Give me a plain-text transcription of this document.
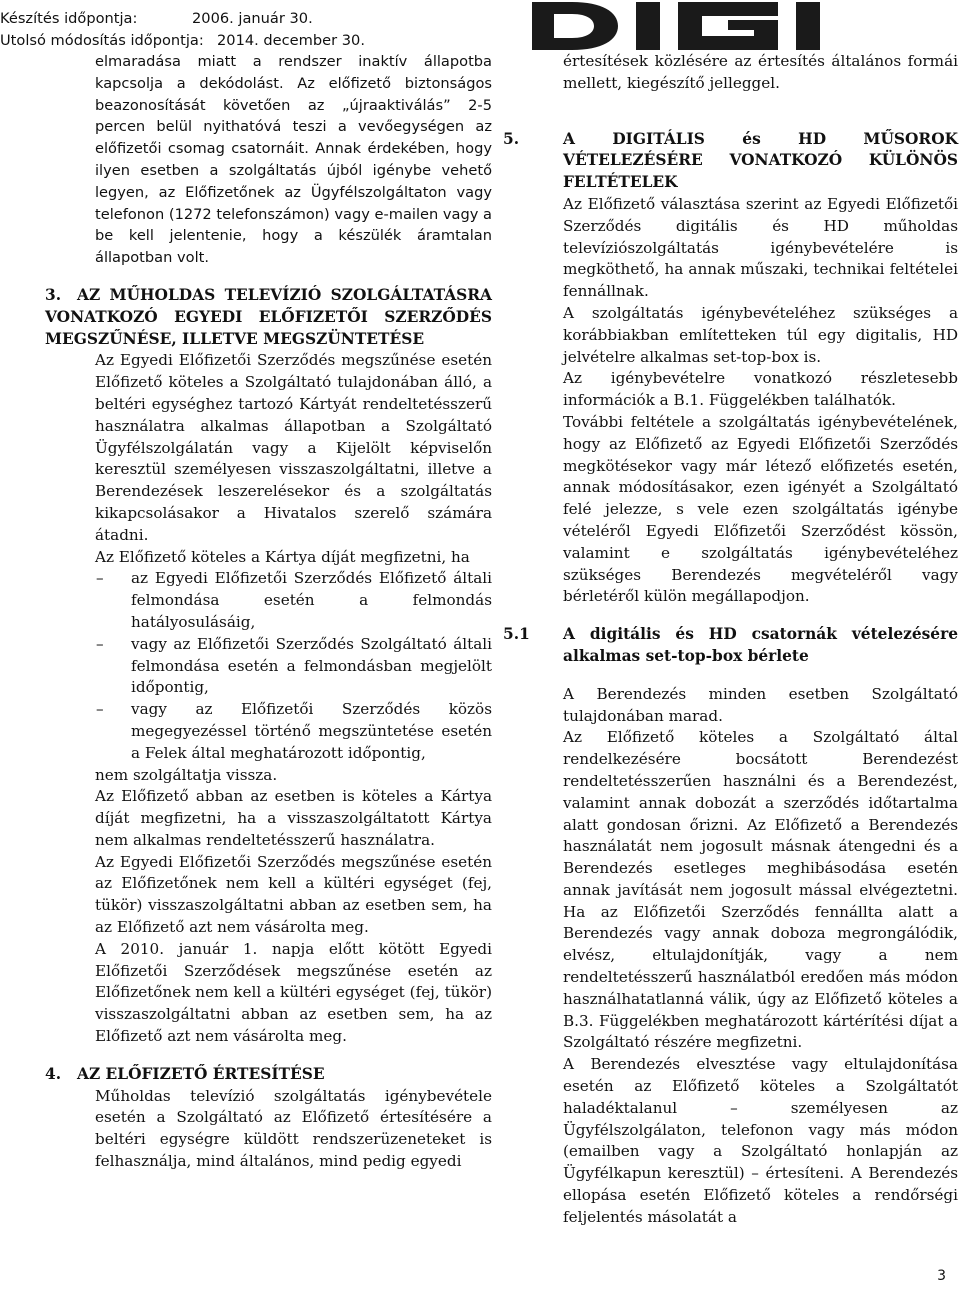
Készítés időpontja:	2006. január 30.
Utolsó módosítás időpontja: 2014. december 30.

elmaradása miatt a rendszer inaktív állapotba kapcsolja a dekódolást. Az előfizető biztonságos beazonosítását követően az „újraaktiválás” 2-5 percen belül nyithatóvá teszi a vevőegységen az előfizetői csomag csatornáit. Annak érdekében, hogy ilyen esetben a szolgáltatás újból igénybe vehető legyen, az Előfizetőnek az Ügyfélszolgáltaton vagy telefonon (1272 telefonszámon) vagy e-mailen vagy a be kell jelentenie, hogy a készülék áramtalan állapotban volt.

3. AZ MŰHOLDAS TELEVÍZIÓ SZOLGÁLTATÁSRA VONATKOZÓ EGYEDI ELŐFIZETŐI SZERZŐDÉS MEGSZŰNÉSE, ILLETVE MEGSZÜNTETÉSE

Az Egyedi Előfizetői Szerződés megszűnése esetén Előfizető köteles a Szolgáltató tulajdonában álló, a beltéri egységhez tartozó Kártyát rendeltetésszerű használatra alkalmas állapotban a Szolgáltató Ügyfélszolgálatán vagy a Kijelölt képviselőn keresztül személyesen visszaszolgáltatni, illetve a Berendezések leszerelésekor és a szolgáltatás kikapcsolásakor a Hivatalos szerelő számára átadni.

Az Előfizető köteles a Kártya díját megfizetni, ha

– az Egyedi Előfizetői Szerződés Előfizető általi felmondása esetén a felmondás hatályosulásáig,
– vagy az Előfizetői Szerződés Szolgáltató általi felmondása esetén a felmondásban megjelölt időpontig,
– vagy az Előfizetői Szerződés közös megegyezéssel történő megszüntetése esetén a Felek által meghatározott időpontig,

nem szolgáltatja vissza.

Az Előfizető abban az esetben is köteles a Kártya díját megfizetni, ha a visszaszolgáltatott Kártya nem alkalmas rendeltetésszerű használatra.

Az Egyedi Előfizetői Szerződés megszűnése esetén az Előfizetőnek nem kell a kültéri egységet (fej, tükör) visszaszolgáltatni abban az esetben sem, ha az Előfizető azt nem vásárolta meg.

A 2010. január 1. napja előtt kötött Egyedi Előfizetői Szerződések megszűnése esetén az Előfizetőnek nem kell a kültéri egységet (fej, tükör) visszaszolgáltatni abban az esetben sem, ha az Előfizető azt nem vásárolta meg.

4. AZ ELŐFIZETŐ ÉRTESÍTÉSE

Műholdas televízió szolgáltatás igénybevétele esetén a Szolgáltató az Előfizető értesítésére a beltéri egységre küldött rendszerüzeneteket is felhasználja, mind általános, mind pedig egyedi

értesítések közlésére az értesítés általános formái mellett, kiegészítő jelleggel.

5.	A DIGITÁLIS és HD MŰSOROK VÉTELEZÉSÉRE VONATKOZÓ KÜLÖNÖS FELTÉTELEK

Az Előfizető választása szerint az Egyedi Előfizetői Szerződés digitális és HD műholdas televíziószolgáltatás igénybevételére is megköthető, ha annak műszaki, technikai feltételei fennállnak.

A szolgáltatás igénybevételéhez szükséges a korábbiakban említetteken túl egy digitalis, HD jelvételre alkalmas set-top-box is.

Az igénybevételre vonatkozó részletesebb információk a B.1. Függelékben találhatók.

További feltétele a szolgáltatás igénybevételének, hogy az Előfizető az Egyedi Előfizetői Szerződés megkötésekor vagy már létező előfizetés esetén, annak módosításakor, ezen igényét a Szolgáltató felé jelezze, s vele ezen szolgáltatás igénybe vételéről Egyedi Előfizetői Szerződést kössön, valamint e szolgáltatás igénybevételéhez szükséges Berendezés megvételéről vagy bérletéről külön megállapodjon.

5.1 A digitális és HD csatornák vételezésére alkalmas set-top-box bérlete

A Berendezés minden esetben Szolgáltató tulajdonában marad.

Az Előfizető köteles a Szolgáltató által rendelkezésére bocsátott Berendezést rendeltetésszerűen használni és a Berendezést, valamint annak dobozát a szerződés időtartalma alatt gondosan őrizni. Az Előfizető a Berendezés használatát nem jogosult másnak átengedni és a Berendezés esetleges meghibásodása esetén annak javítását nem jogosult mással elvégeztetni. Ha az Előfizetői Szerződés fennállta alatt a Berendezés vagy annak doboza megrongálódik, elvész, eltulajdonítják, vagy a nem rendeltetésszerű használatból eredően más módon használhatatlanná válik, úgy az Előfizető köteles a B.3. Függelékben meghatározott kártérítési díjat a Szolgáltató részére megfizetni.

A Berendezés elvesztése vagy eltulajdonítása esetén az Előfizető köteles a Szolgáltatót haladéktalanul – személyesen az Ügyfélszolgálaton, telefonon vagy más módon (emailben vagy a Szolgáltató honlapján az Ügyfélkapun keresztül) – értesíteni. A Berendezés ellopása esetén Előfizető köteles a rendőrségi feljelentés másolatát a

3
